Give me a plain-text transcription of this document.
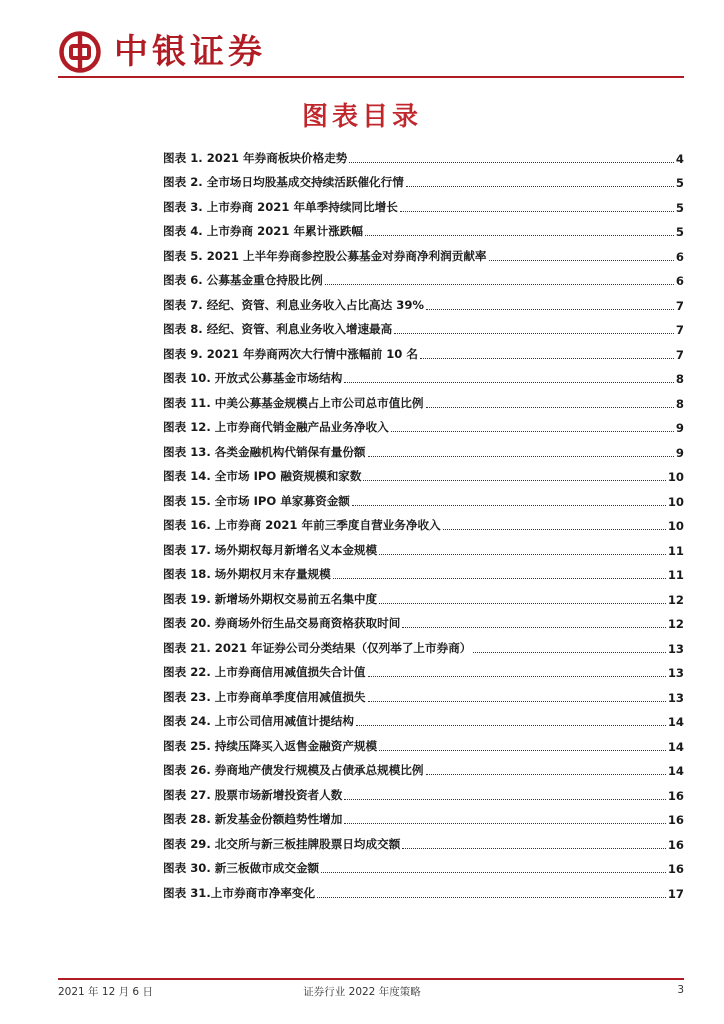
中银证券
图表目录
图表 1. 2021 年券商板块价格走势	4
图表 2. 全市场日均股基成交持续活跃催化行情	5
图表 3. 上市券商 2021 年单季持续同比增长	5
图表 4. 上市券商 2021 年累计涨跌幅	5
图表 5. 2021 上半年券商参控股公募基金对券商净利润贡献率	6
图表 6. 公募基金重仓持股比例	6
图表 7. 经纪、资管、利息业务收入占比高达 39%	7
图表 8. 经纪、资管、利息业务收入增速最高	7
图表 9. 2021 年券商两次大行情中涨幅前 10 名	7
图表 10. 开放式公募基金市场结构	8
图表 11. 中美公募基金规模占上市公司总市值比例	8
图表 12. 上市券商代销金融产品业务净收入	9
图表 13. 各类金融机构代销保有量份额	9
图表 14. 全市场 IPO 融资规模和家数	10
图表 15. 全市场 IPO 单家募资金额	10
图表 16. 上市券商 2021 年前三季度自营业务净收入	10
图表 17. 场外期权每月新增名义本金规模	11
图表 18. 场外期权月末存量规模	11
图表 19. 新增场外期权交易前五名集中度	12
图表 20. 券商场外衍生品交易商资格获取时间	12
图表 21. 2021 年证券公司分类结果（仅列举了上市券商）	13
图表 22. 上市券商信用减值损失合计值	13
图表 23. 上市券商单季度信用减值损失	13
图表 24. 上市公司信用减值计提结构	14
图表 25. 持续压降买入返售金融资产规模	14
图表 26. 券商地产债发行规模及占债承总规模比例	14
图表 27. 股票市场新增投资者人数	16
图表 28. 新发基金份额趋势性增加	16
图表 29. 北交所与新三板挂牌股票日均成交额	16
图表 30. 新三板做市成交金额	16
图表 31.上市券商市净率变化	17
2021 年 12 月 6 日	证券行业 2022 年度策略	3
